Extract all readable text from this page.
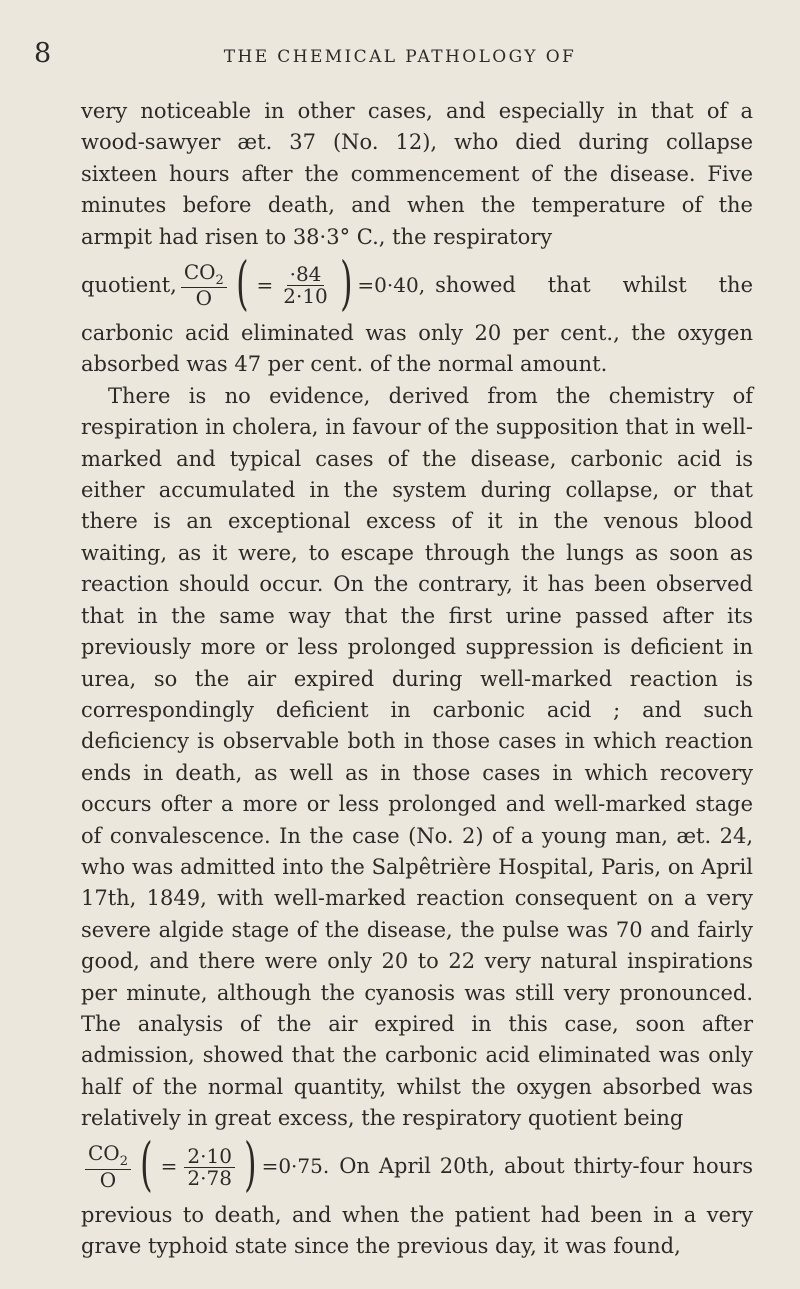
8	THE CHEMICAL PATHOLOGY OF

very noticeable in other cases, and especially in that of a wood-sawyer æt. 37 (No. 12), who died during collapse sixteen hours after the commencement of the disease. Five minutes before death, and when the temperature of the armpit had risen to 38·3° C., the respiratory

quotient, $\frac{CO_2}{O}$ ( = $\frac{\cdot 84}{2\cdot 10}$ ) =0·40, showed that whilst the

carbonic acid eliminated was only 20 per cent., the oxygen absorbed was 47 per cent. of the normal amount.

There is no evidence, derived from the chemistry of respiration in cholera, in favour of the supposition that in well-marked and typical cases of the disease, carbonic acid is either accumulated in the system during collapse, or that there is an exceptional excess of it in the venous blood waiting, as it were, to escape through the lungs as soon as reaction should occur. On the contrary, it has been observed that in the same way that the first urine passed after its previously more or less prolonged suppression is deficient in urea, so the air expired during well-marked reaction is correspondingly deficient in carbonic acid ; and such deficiency is observable both in those cases in which reaction ends in death, as well as in those cases in which recovery occurs ofter a more or less prolonged and well-marked stage of convalescence. In the case (No. 2) of a young man, æt. 24, who was admitted into the Salpêtrière Hospital, Paris, on April 17th, 1849, with well-marked reaction consequent on a very severe algide stage of the disease, the pulse was 70 and fairly good, and there were only 20 to 22 very natural inspirations per minute, although the cyanosis was still very pronounced. The analysis of the air expired in this case, soon after admission, showed that the carbonic acid eliminated was only half of the normal quantity, whilst the oxygen absorbed was relatively in great excess, the respiratory quotient being

$\frac{CO_2}{O}$ ( = $\frac{2\cdot 10}{2\cdot 78}$ ) =0·75. On April 20th, about thirty-four hours

previous to death, and when the patient had been in a very grave typhoid state since the previous day, it was found,
